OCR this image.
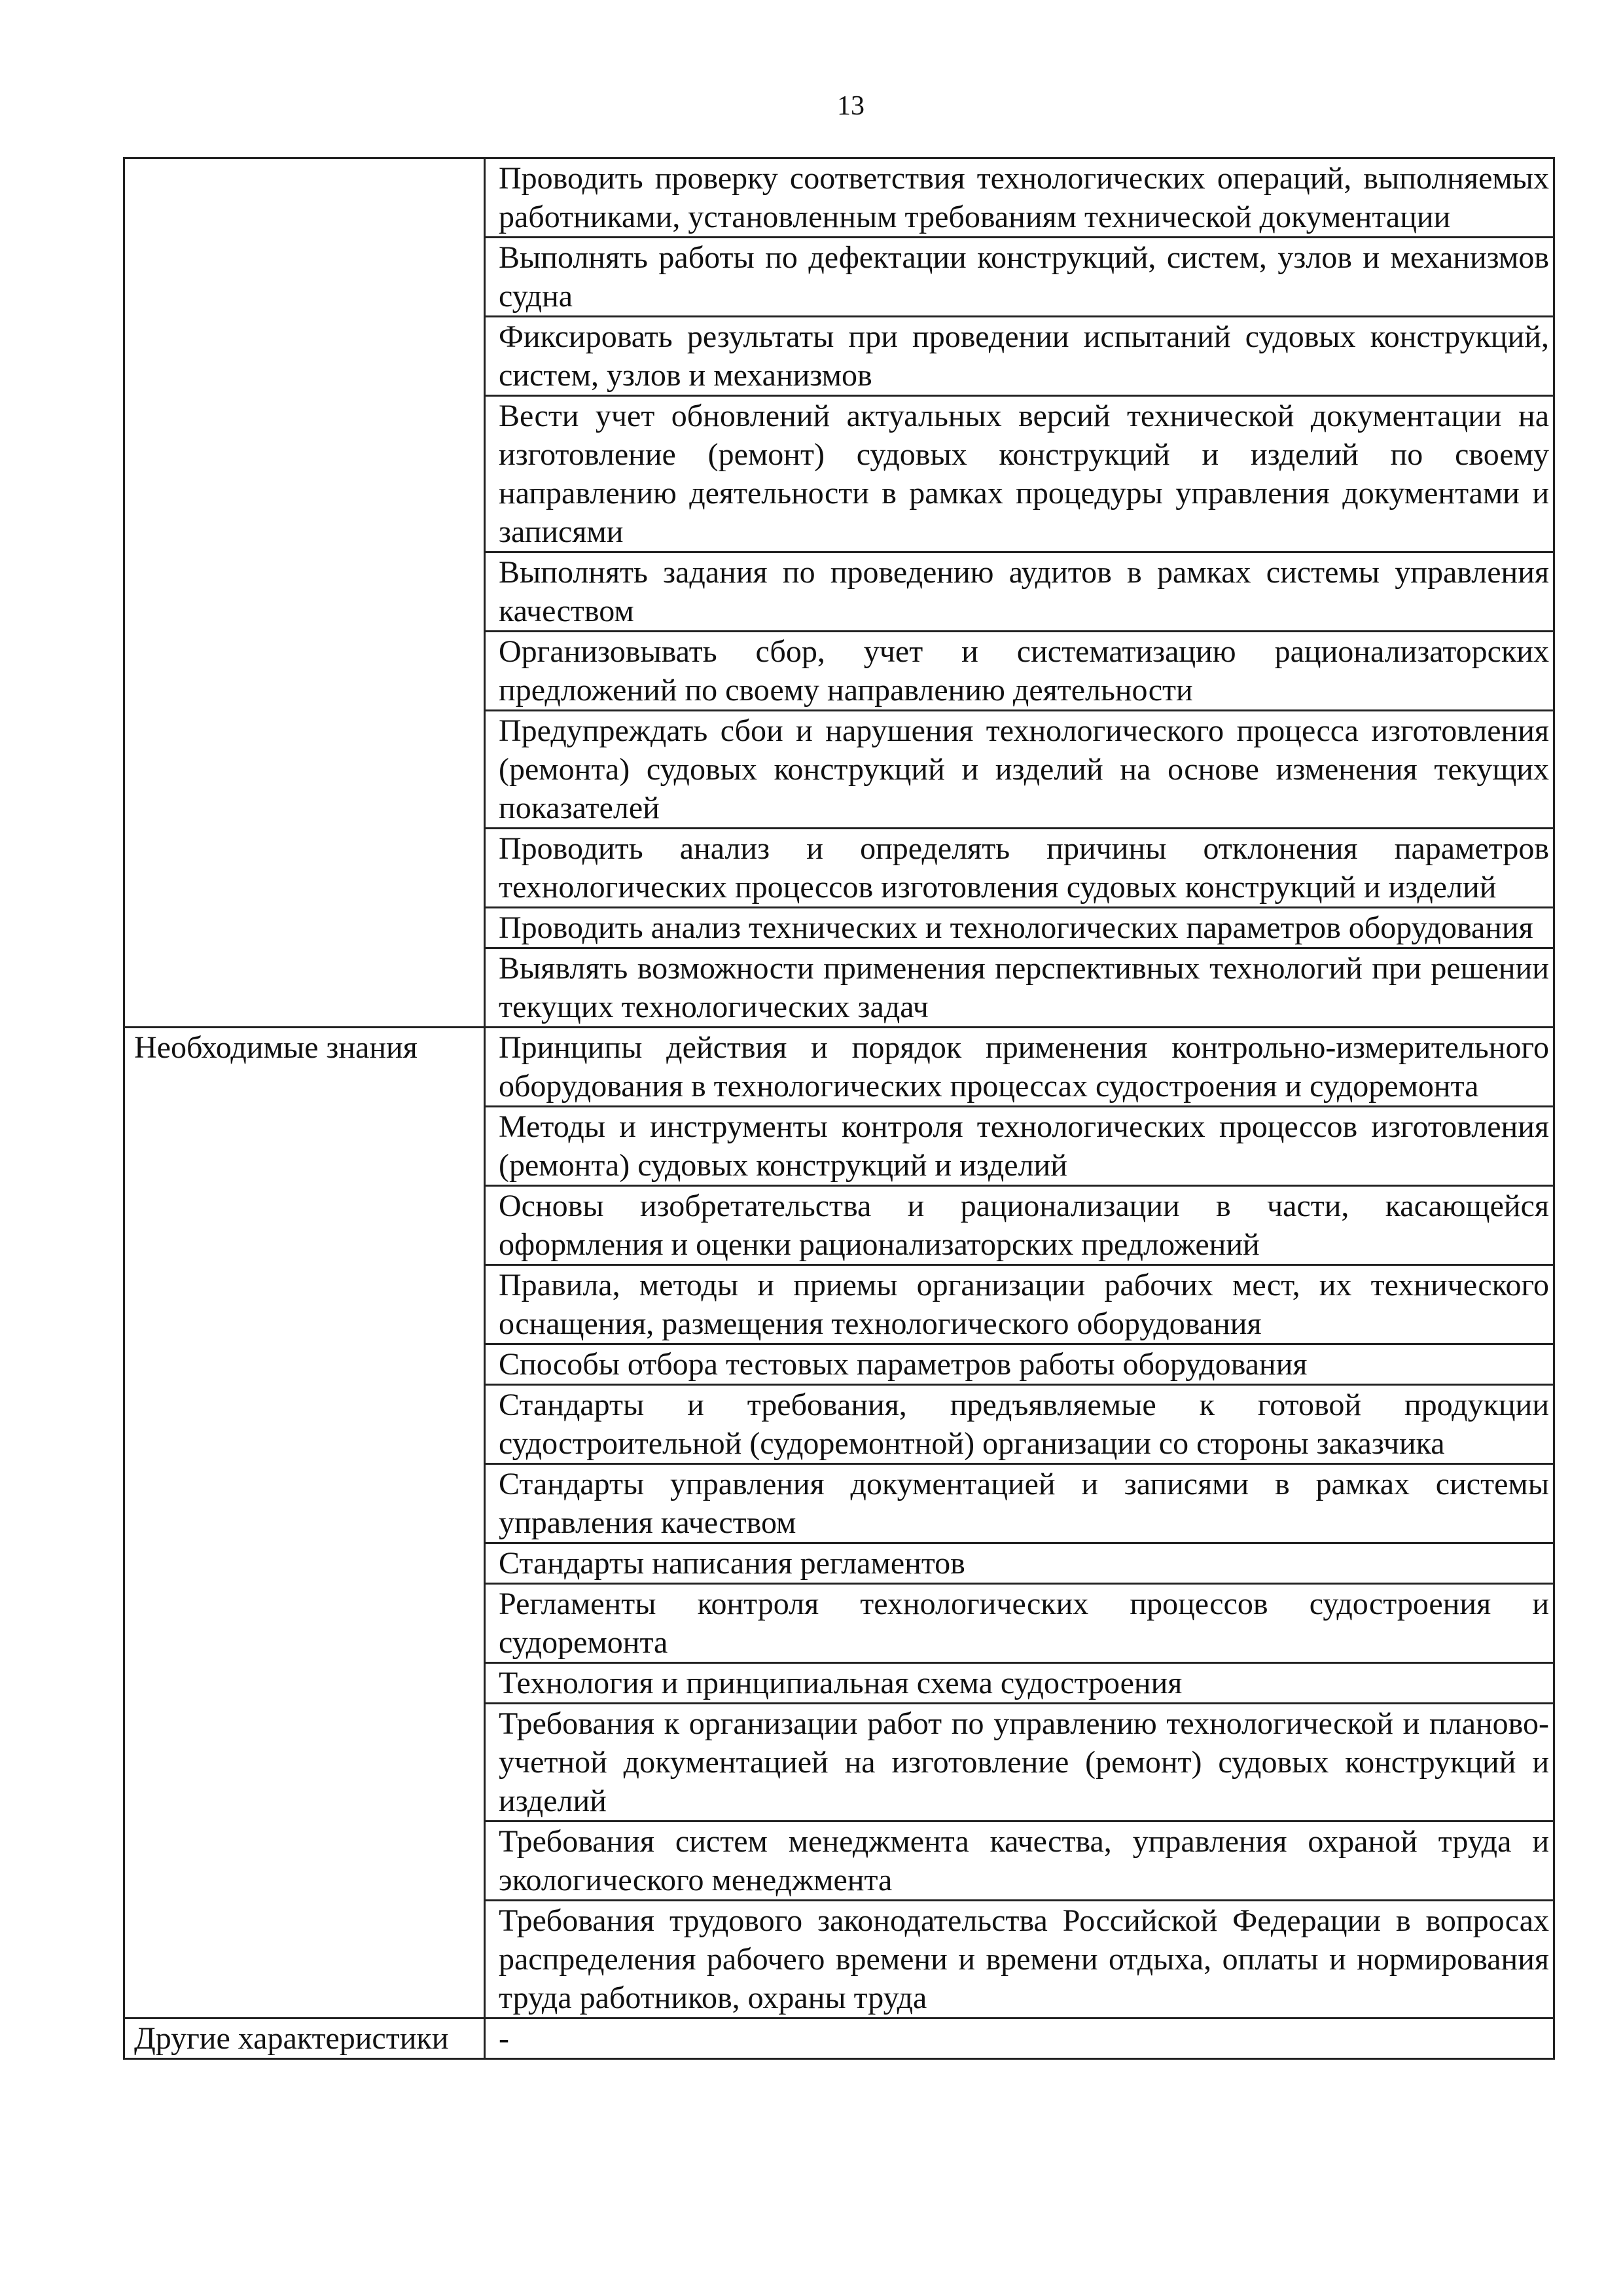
13
	Проводить проверку соответствия технологических операций, выполняемых работниками, установленным требованиям технической документации
	Выполнять работы по дефектации конструкций, систем, узлов и механизмов судна
	Фиксировать результаты при проведении испытаний судовых конструкций, систем, узлов и механизмов
	Вести учет обновлений актуальных версий технической документации на изготовление (ремонт) судовых конструкций и изделий по своему направлению деятельности в рамках процедуры управления документами и записями
	Выполнять задания по проведению аудитов в рамках системы управления качеством
	Организовывать сбор, учет и систематизацию рационализаторских предложений по своему направлению деятельности
	Предупреждать сбои и нарушения технологического процесса изготовления (ремонта) судовых конструкций и изделий на основе изменения текущих показателей
	Проводить анализ и определять причины отклонения параметров технологических процессов изготовления судовых конструкций и изделий
	Проводить анализ технических и технологических параметров оборудования
	Выявлять возможности применения перспективных технологий при решении текущих технологических задач
Необходимые знания	Принципы действия и порядок применения контрольно-измерительного оборудования в технологических процессах судостроения и судоремонта
	Методы и инструменты контроля технологических процессов изготовления (ремонта) судовых конструкций и изделий
	Основы изобретательства и рационализации в части, касающейся оформления и оценки рационализаторских предложений
	Правила, методы и приемы организации рабочих мест, их технического оснащения, размещения технологического оборудования
	Способы отбора тестовых параметров работы оборудования
	Стандарты и требования, предъявляемые к готовой продукции судостроительной (судоремонтной) организации со стороны заказчика
	Стандарты управления документацией и записями в рамках системы управления качеством
	Стандарты написания регламентов
	Регламенты контроля технологических процессов судостроения и судоремонта
	Технология и принципиальная схема судостроения
	Требования к организации работ по управлению технологической и планово-учетной документацией на изготовление (ремонт) судовых конструкций и изделий
	Требования систем менеджмента качества, управления охраной труда и экологического менеджмента
	Требования трудового законодательства Российской Федерации в вопросах распределения рабочего времени и времени отдыха, оплаты и нормирования труда работников, охраны труда
Другие характеристики	-
